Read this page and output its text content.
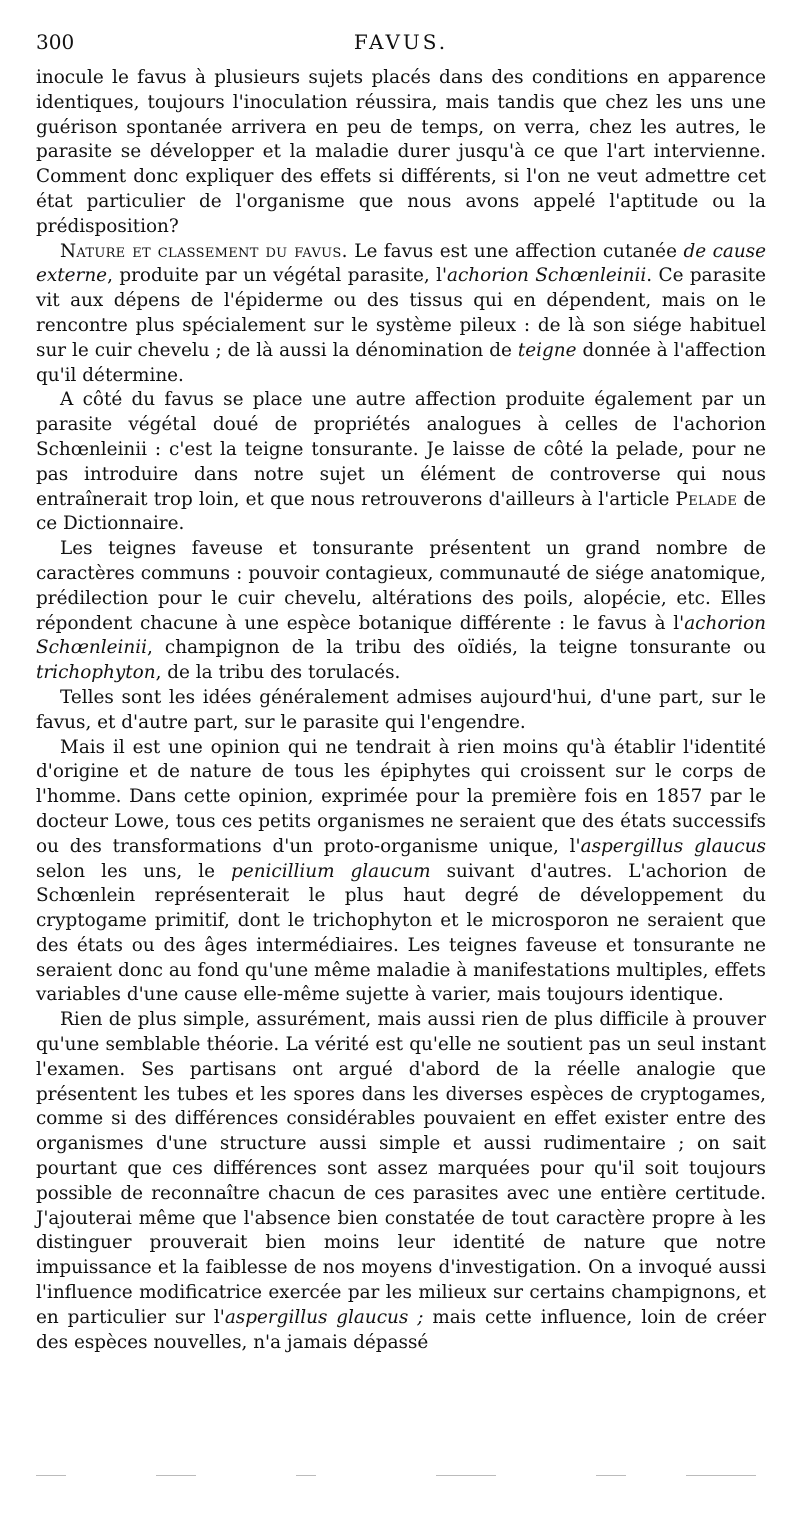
FAVUS.
300

inocule le favus à plusieurs sujets placés dans des conditions en apparence identiques, toujours l'inoculation réussira, mais tandis que chez les uns une guérison spontanée arrivera en peu de temps, on verra, chez les autres, le parasite se développer et la maladie durer jusqu'à ce que l'art intervienne. Comment donc expliquer des effets si différents, si l'on ne veut admettre cet état particulier de l'organisme que nous avons appelé l'aptitude ou la prédisposition?

Nature et classement du favus. Le favus est une affection cutanée de cause externe, produite par un végétal parasite, l'achorion Schœnleinii. Ce parasite vit aux dépens de l'épiderme ou des tissus qui en dépendent, mais on le rencontre plus spécialement sur le système pileux : de là son siége habituel sur le cuir chevelu ; de là aussi la dénomination de teigne donnée à l'affection qu'il détermine.

A côté du favus se place une autre affection produite également par un parasite végétal doué de propriétés analogues à celles de l'achorion Schœnleinii : c'est la teigne tonsurante. Je laisse de côté la pelade, pour ne pas introduire dans notre sujet un élément de controverse qui nous entraînerait trop loin, et que nous retrouverons d'ailleurs à l'article Pelade de ce Dictionnaire.

Les teignes faveuse et tonsurante présentent un grand nombre de caractères communs : pouvoir contagieux, communauté de siége anatomique, prédilection pour le cuir chevelu, altérations des poils, alopécie, etc. Elles répondent chacune à une espèce botanique différente : le favus à l'achorion Schœnleinii, champignon de la tribu des oïdiés, la teigne tonsurante ou trichophyton, de la tribu des torulacés.

Telles sont les idées généralement admises aujourd'hui, d'une part, sur le favus, et d'autre part, sur le parasite qui l'engendre.

Mais il est une opinion qui ne tendrait à rien moins qu'à établir l'identité d'origine et de nature de tous les épiphytes qui croissent sur le corps de l'homme. Dans cette opinion, exprimée pour la première fois en 1857 par le docteur Lowe, tous ces petits organismes ne seraient que des états successifs ou des transformations d'un proto-organisme unique, l'aspergillus glaucus selon les uns, le penicillium glaucum suivant d'autres. L'achorion de Schœnlein représenterait le plus haut degré de développement du cryptogame primitif, dont le trichophyton et le microsporon ne seraient que des états ou des âges intermédiaires. Les teignes faveuse et tonsurante ne seraient donc au fond qu'une même maladie à manifestations multiples, effets variables d'une cause elle-même sujette à varier, mais toujours identique.

Rien de plus simple, assurément, mais aussi rien de plus difficile à prouver qu'une semblable théorie. La vérité est qu'elle ne soutient pas un seul instant l'examen. Ses partisans ont argué d'abord de la réelle analogie que présentent les tubes et les spores dans les diverses espèces de cryptogames, comme si des différences considérables pouvaient en effet exister entre des organismes d'une structure aussi simple et aussi rudimentaire ; on sait pourtant que ces différences sont assez marquées pour qu'il soit toujours possible de reconnaître chacun de ces parasites avec une entière certitude. J'ajouterai même que l'absence bien constatée de tout caractère propre à les distinguer prouverait bien moins leur identité de nature que notre impuissance et la faiblesse de nos moyens d'investigation. On a invoqué aussi l'influence modificatrice exercée par les milieux sur certains champignons, et en particulier sur l'aspergillus glaucus ; mais cette influence, loin de créer des espèces nouvelles, n'a jamais dépassé
